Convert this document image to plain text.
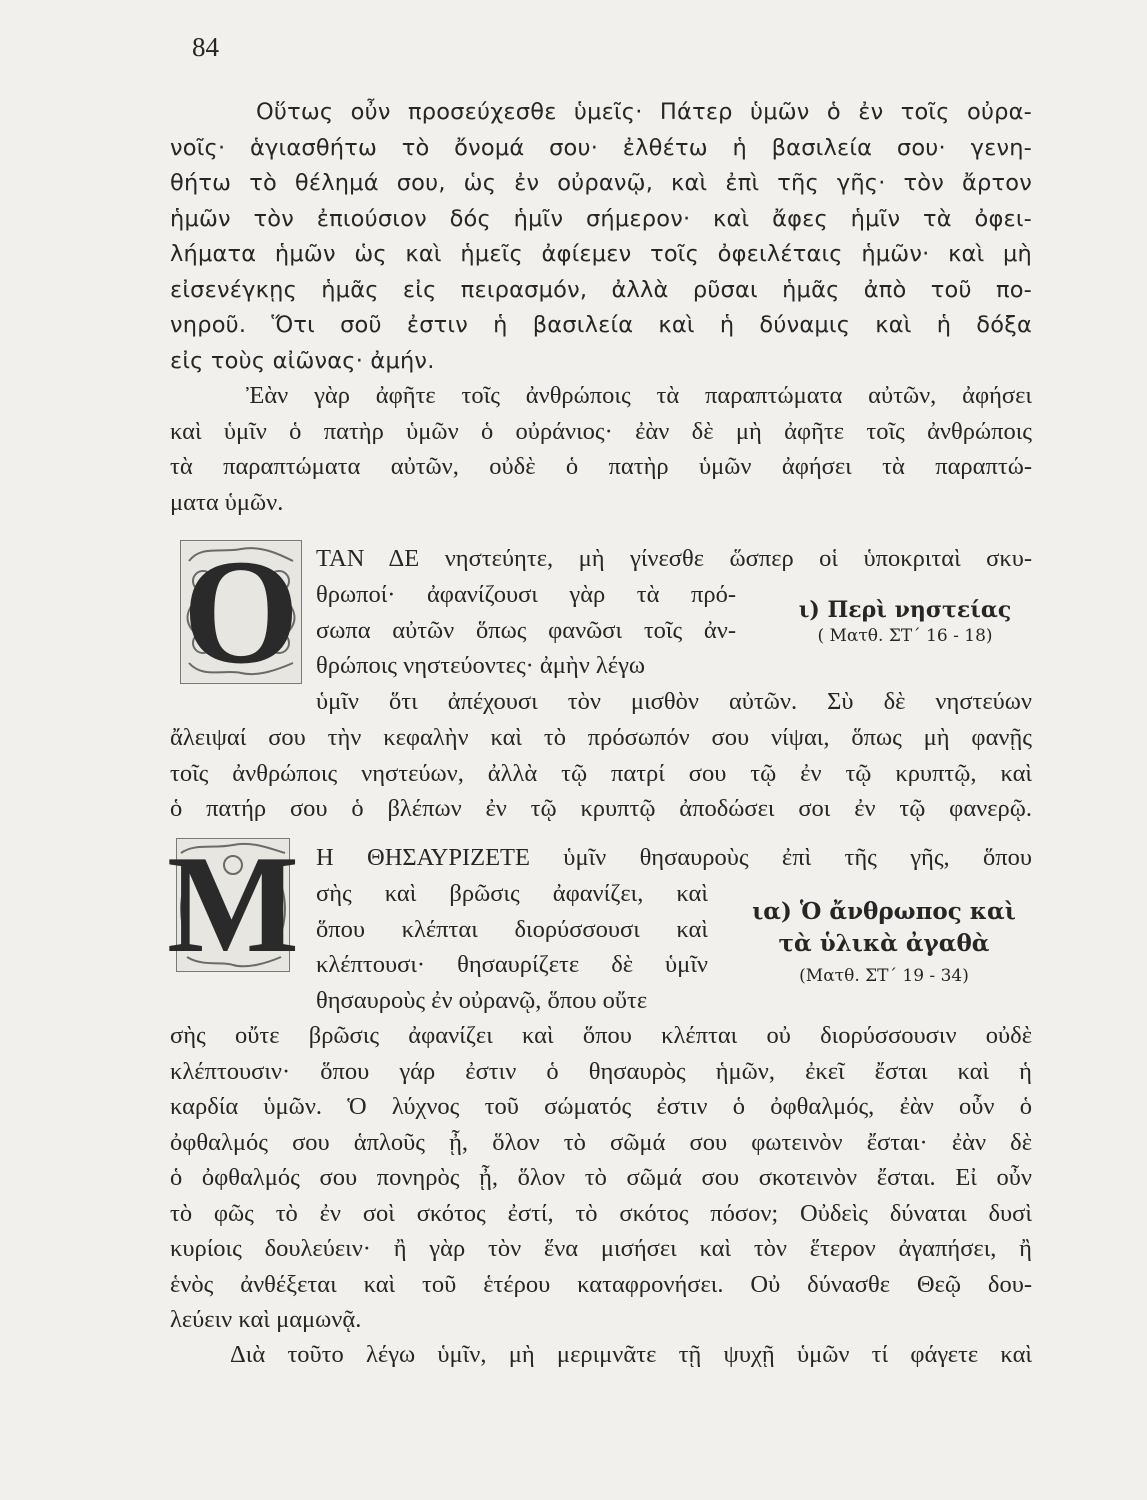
84
Οὕτως οὖν προσεύχεσθε ὑμεῖς· Πάτερ ὑμῶν ὁ ἐν τοῖς οὐρα-
νοῖς· ἁγιασθήτω τὸ ὄνομά σου· ἐλθέτω ἡ βασιλεία σου· γενη-
θήτω τὸ θέλημά σου, ὡς ἐν οὐρανῷ, καὶ ἐπὶ τῆς γῆς· τὸν ἄρτον
ἡμῶν τὸν ἐπιούσιον δός ἡμῖν σήμερον· καὶ ἄφες ἡμῖν τὰ ὀφει-
λήματα ἡμῶν ὡς καὶ ἡμεῖς ἀφίεμεν τοῖς ὀφειλέταις ἡμῶν· καὶ μὴ
εἰσενέγκῃς ἡμᾶς εἰς πειρασμόν, ἀλλὰ ρῦσαι ἡμᾶς ἀπὸ τοῦ πο-
νηροῦ. Ὅτι σοῦ ἐστιν ἡ βασιλεία καὶ ἡ δύναμις καὶ ἡ δόξα
εἰς τοὺς αἰῶνας· ἀμήν.
Ἐὰν γὰρ ἀφῆτε τοῖς ἀνθρώποις τὰ παραπτώματα αὐτῶν, ἀφήσει
καὶ ὑμῖν ὁ πατὴρ ὑμῶν ὁ οὐράνιος· ἐὰν δὲ μὴ ἀφῆτε τοῖς ἀνθρώποις
τὰ παραπτώματα αὐτῶν, οὐδὲ ὁ πατὴρ ὑμῶν ἀφήσει τὰ παραπτώ-
ματα ὑμῶν.
Ο ΤΑΝ ΔΕ νηστεύητε, μὴ γίνεσθε ὥσπερ οἱ ὑποκριταὶ σκυ-
θρωποί· ἀφανίζουσι γὰρ τὰ πρό-
σωπα αὐτῶν ὅπως φανῶσι τοῖς ἀν-
θρώποις νηστεύοντες· ἀμὴν λέγω
ι) Περὶ νηστείας
( Ματθ. ΣΤ΄ 16 - 18)
ὑμῖν ὅτι ἀπέχουσι τὸν μισθὸν αὐτῶν. Σὺ δὲ νηστεύων
ἄλειψαί σου τὴν κεφαλὴν καὶ τὸ πρόσωπόν σου νίψαι, ὅπως μὴ φανῇς
τοῖς ἀνθρώποις νηστεύων, ἀλλὰ τῷ πατρί σου τῷ ἐν τῷ κρυπτῷ, καὶ
ὁ πατήρ σου ὁ βλέπων ἐν τῷ κρυπτῷ ἀποδώσει σοι ἐν τῷ φανερῷ.
Μ Η ΘΗΣΑΥΡΙΖΕΤΕ ὑμῖν θησαυροὺς ἐπὶ τῆς γῆς, ὅπου
σὴς καὶ βρῶσις ἀφανίζει, καὶ
ὅπου κλέπται διορύσσουσι καὶ
κλέπτουσι· θησαυρίζετε δὲ ὑμῖν
θησαυροὺς ἐν οὐρανῷ, ὅπου οὔτε
ια) Ὁ ἄνθρωπος καὶ
τὰ ὑλικὰ ἀγαθὰ
(Ματθ. ΣΤ΄ 19 - 34)
σὴς οὔτε βρῶσις ἀφανίζει καὶ ὅπου κλέπται οὐ διορύσσουσιν οὐδὲ
κλέπτουσιν· ὅπου γάρ ἐστιν ὁ θησαυρὸς ἡμῶν, ἐκεῖ ἔσται καὶ ἡ
καρδία ὑμῶν. Ὁ λύχνος τοῦ σώματός ἐστιν ὁ ὀφθαλμός, ἐὰν οὖν ὁ
ὀφθαλμός σου ἁπλοῦς ᾖ, ὅλον τὸ σῶμά σου φωτεινὸν ἔσται· ἐὰν δὲ
ὁ ὀφθαλμός σου πονηρὸς ᾖ, ὅλον τὸ σῶμά σου σκοτεινὸν ἔσται. Εἰ οὖν
τὸ φῶς τὸ ἐν σοὶ σκότος ἐστί, τὸ σκότος πόσον; Οὐδεὶς δύναται δυσὶ
κυρίοις δουλεύειν· ἢ γὰρ τὸν ἕνα μισήσει καὶ τὸν ἕτερον ἀγαπήσει, ἢ
ἑνὸς ἀνθέξεται καὶ τοῦ ἑτέρου καταφρονήσει. Οὐ δύνασθε Θεῷ δου-
λεύειν καὶ μαμωνᾷ.
Διὰ τοῦτο λέγω ὑμῖν, μὴ μεριμνᾶτε τῇ ψυχῇ ὑμῶν τί φάγετε καὶ
